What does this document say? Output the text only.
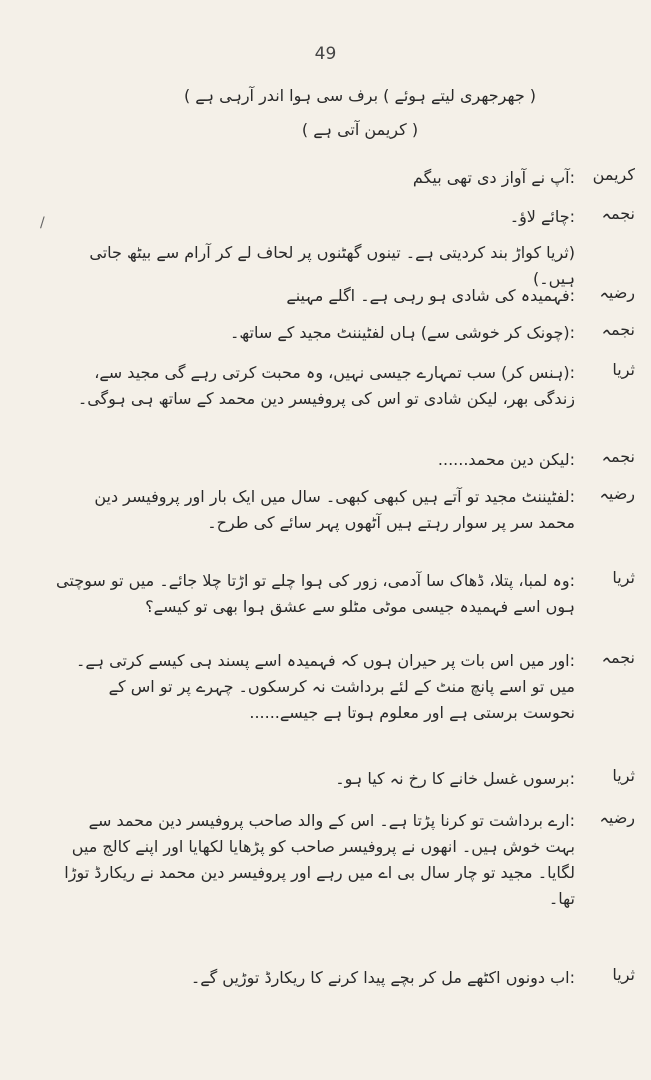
49
( جھرجھری لیتے ہوئے ) برف سی ہوا اندر آرہی ہے )
( کریمن آتی ہے )
/
کریمن
:آپ نے آواز دی تھی بیگم
نجمہ
:چائے لاؤ۔
(ثریا کواڑ بند کردیتی ہے۔ تینوں گھٹنوں پر لحاف لے کر آرام سے بیٹھ جاتی ہیں۔)
رضیہ
:فہمیدہ کی شادی ہو رہی ہے۔ اگلے مہینے
نجمہ
:(چونک کر خوشی سے) ہاں لفٹیننٹ مجید کے ساتھ۔
ثریا
:(ہنس کر) سب تمہارے جیسی نہیں، وہ محبت کرتی رہے گی مجید سے، زندگی بھر، لیکن شادی تو اس کی پروفیسر دین محمد کے ساتھ ہی ہوگی۔
نجمہ
:لیکن دین محمد......
رضیہ
:لفٹیننٹ مجید تو آتے ہیں کبھی کبھی۔ سال میں ایک بار اور پروفیسر دین محمد سر پر سوار رہتے ہیں آٹھوں پہر سائے کی طرح۔
ثریا
:وہ لمبا، پتلا، ڈھاک سا آدمی، زور کی ہوا چلے تو اڑتا چلا جائے۔ میں تو سوچتی ہوں اسے فہمیدہ جیسی موٹی مٹلو سے عشق ہوا بھی تو کیسے؟
نجمہ
:اور میں اس بات پر حیران ہوں کہ فہمیدہ اسے پسند ہی کیسے کرتی ہے۔ میں تو اسے پانچ منٹ کے لئے برداشت نہ کرسکوں۔ چہرے پر تو اس کے نحوست برستی ہے اور معلوم ہوتا ہے جیسے......
ثریا
:برسوں غسل خانے کا رخ نہ کیا ہو۔
رضیہ
:ارے برداشت تو کرنا پڑتا ہے۔ اس کے والد صاحب پروفیسر دین محمد سے بہت خوش ہیں۔ انھوں نے پروفیسر صاحب کو پڑھایا لکھایا اور اپنے کالج میں لگایا۔ مجید تو چار سال بی اے میں رہے اور پروفیسر دین محمد نے ریکارڈ توڑا تھا۔
ثریا
:اب دونوں اکٹھے مل کر بچے پیدا کرنے کا ریکارڈ توڑیں گے۔
